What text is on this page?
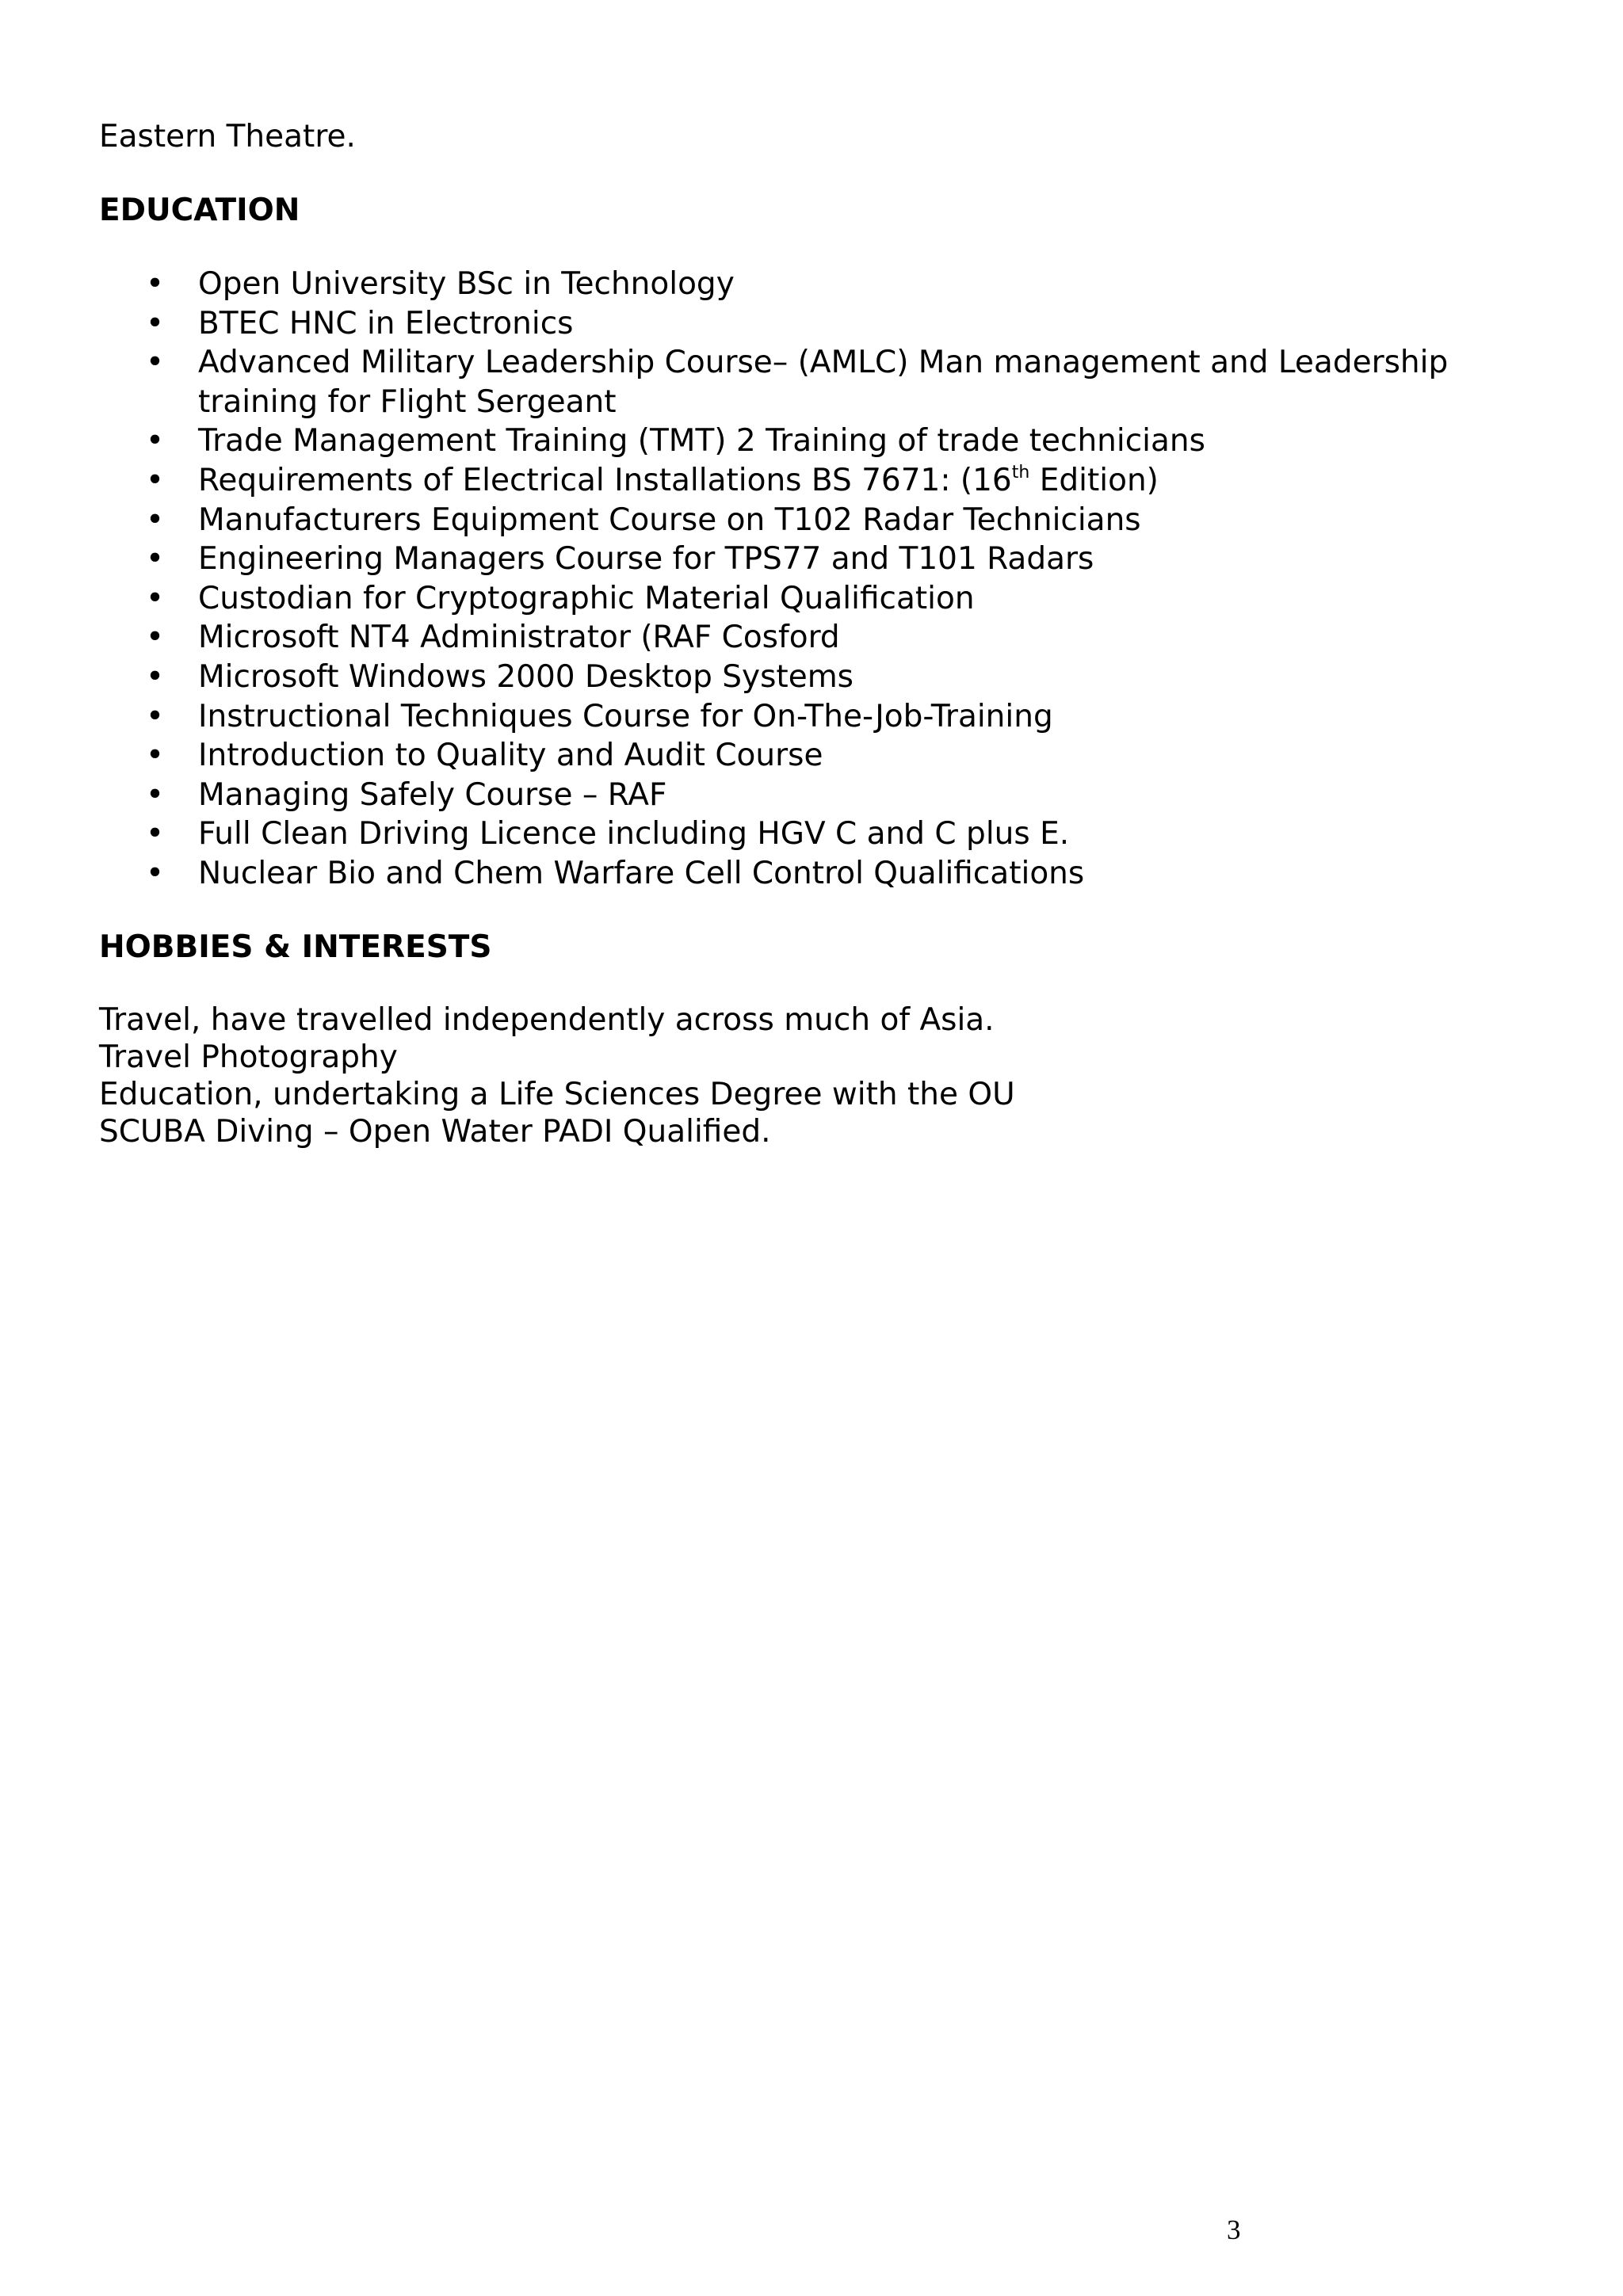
Eastern Theatre.

EDUCATION
• Open University BSc in Technology
• BTEC HNC in Electronics
• Advanced Military Leadership Course– (AMLC) Man management and Leadership
training for Flight Sergeant
• Trade Management Training (TMT) 2 Training of trade technicians
• Requirements of Electrical Installations BS 7671: (16th Edition)
• Manufacturers Equipment Course on T102 Radar Technicians
• Engineering Managers Course for TPS77 and T101 Radars
• Custodian for Cryptographic Material Qualification
• Microsoft NT4 Administrator (RAF Cosford
• Microsoft Windows 2000 Desktop Systems
• Instructional Techniques Course for On-The-Job-Training
• Introduction to Quality and Audit Course
• Managing Safely Course – RAF
• Full Clean Driving Licence including HGV C and C plus E.
• Nuclear Bio and Chem Warfare Cell Control Qualifications
HOBBIES & INTERESTS

Travel, have travelled independently across much of Asia.

Travel Photography

Education, undertaking a Life Sciences Degree with the OU

SCUBA Diving – Open Water PADI Qualified.

3
